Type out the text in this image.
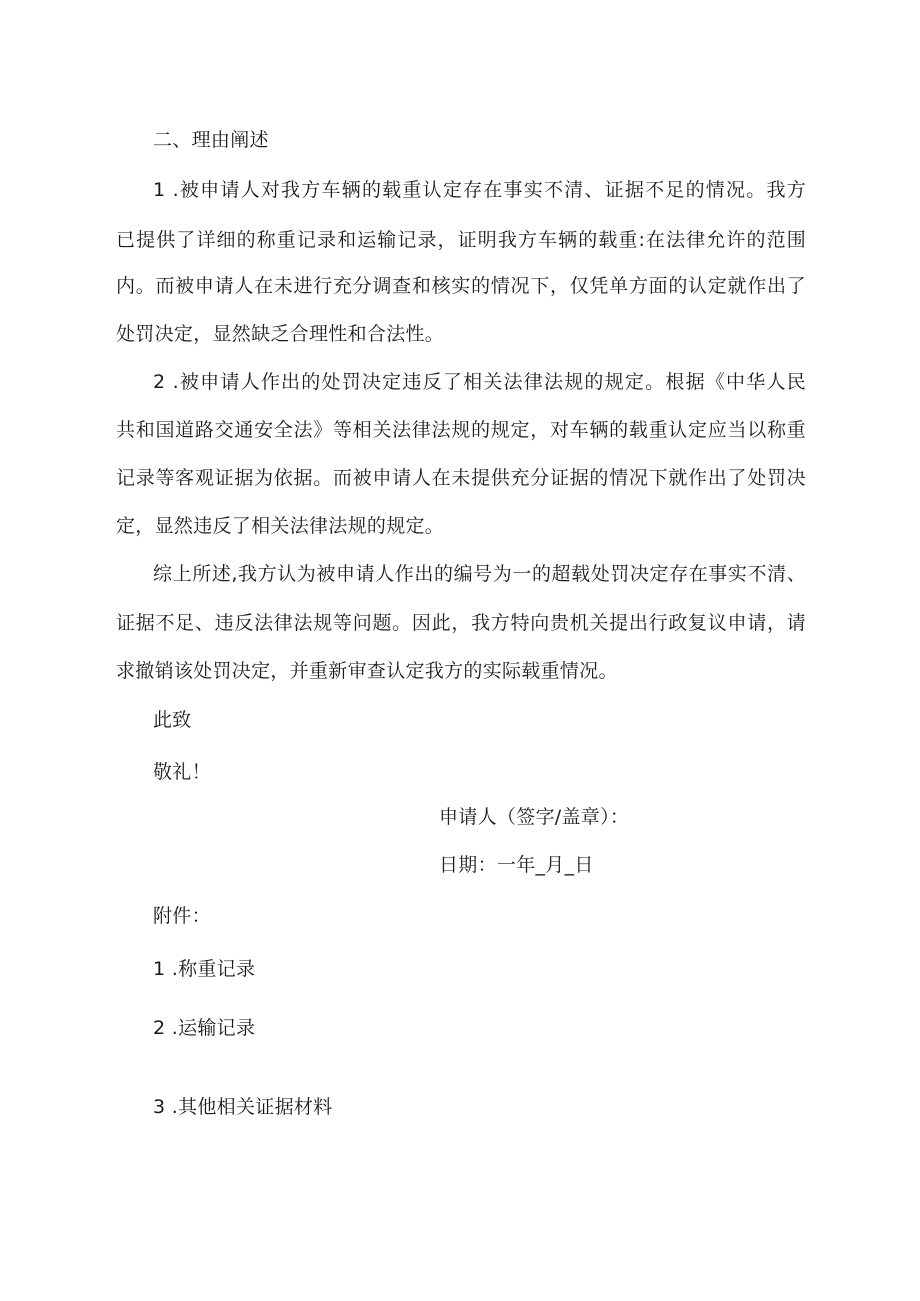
二、理由阐述
1 .被申请人对我方车辆的载重认定存在事实不清、证据不足的情况。我方
已提供了详细的称重记录和运输记录，证明我方车辆的载重:在法律允许的范围
内。而被申请人在未进行充分调查和核实的情况下，仅凭单方面的认定就作出了
处罚决定，显然缺乏合理性和合法性。
2 .被申请人作出的处罚决定违反了相关法律法规的规定。根据《中华人民
共和国道路交通安全法》等相关法律法规的规定，对车辆的载重认定应当以称重
记录等客观证据为依据。而被申请人在未提供充分证据的情况下就作出了处罚决
定，显然违反了相关法律法规的规定。
综上所述,我方认为被申请人作出的编号为一的超载处罚决定存在事实不清、
证据不足、违反法律法规等问题。因此，我方特向贵机关提出行政复议申请，请
求撤销该处罚决定，并重新审查认定我方的实际载重情况。
此致
敬礼！
申请人（签字/盖章）：
日期：一年_月_日
附件：
1 .称重记录
2 .运输记录
3 .其他相关证据材料
